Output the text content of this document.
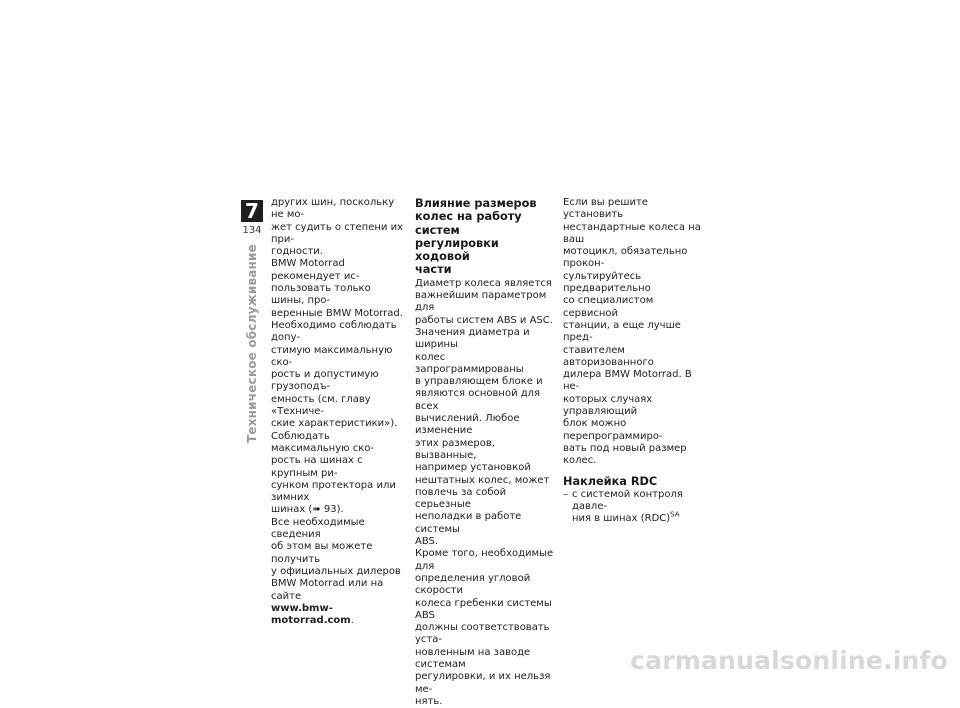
7
134
Техническое обслуживание

других шин, поскольку не мо-
жет судить о степени их при-
годности.
BMW Motorrad рекомендует ис-
пользовать только шины, про-
веренные BMW Motorrad.
Необходимо соблюдать допу-
стимую максимальную ско-
рость и допустимую грузоподъ-
емность (см. главу «Техниче-
ские характеристики»).
Соблюдать максимальную ско-
рость на шинах с крупным ри-
сунком протектора или зимних
шинах (➠ 93).
Все необходимые сведения
об этом вы можете получить
у официальных дилеров
BMW Motorrad или на сайте
www.bmw-motorrad.com.

Влияние размеров
колес на работу систем
регулировки ходовой
части

Диаметр колеса является
важнейшим параметром для
работы систем ABS и ASC.
Значения диаметра и ширины
колес запрограммированы
в управляющем блоке и
являются основной для всех
вычислений. Любое изменение
этих размеров, вызванные,
например установкой
нештатных колес, может
повлечь за собой серьезные
неполадки в работе системы
ABS.
Кроме того, необходимые для
определения угловой скорости
колеса гребенки системы ABS
должны соответствовать уста-
новленным на заводе системам
регулировки, и их нельзя ме-
нять.

Если вы решите установить
нестандартные колеса на ваш
мотоцикл, обязательно прокон-
сультируйтесь предварительно
со специалистом сервисной
станции, а еще лучше пред-
ставителем авторизованного
дилера BMW Motorrad. В не-
которых случаях управляющий
блок можно перепрограммиро-
вать под новый размер колес.

Наклейка RDC
– с системой контроля давле-
ния в шинах (RDC)$^{SA}$
carmanualsonline.info
